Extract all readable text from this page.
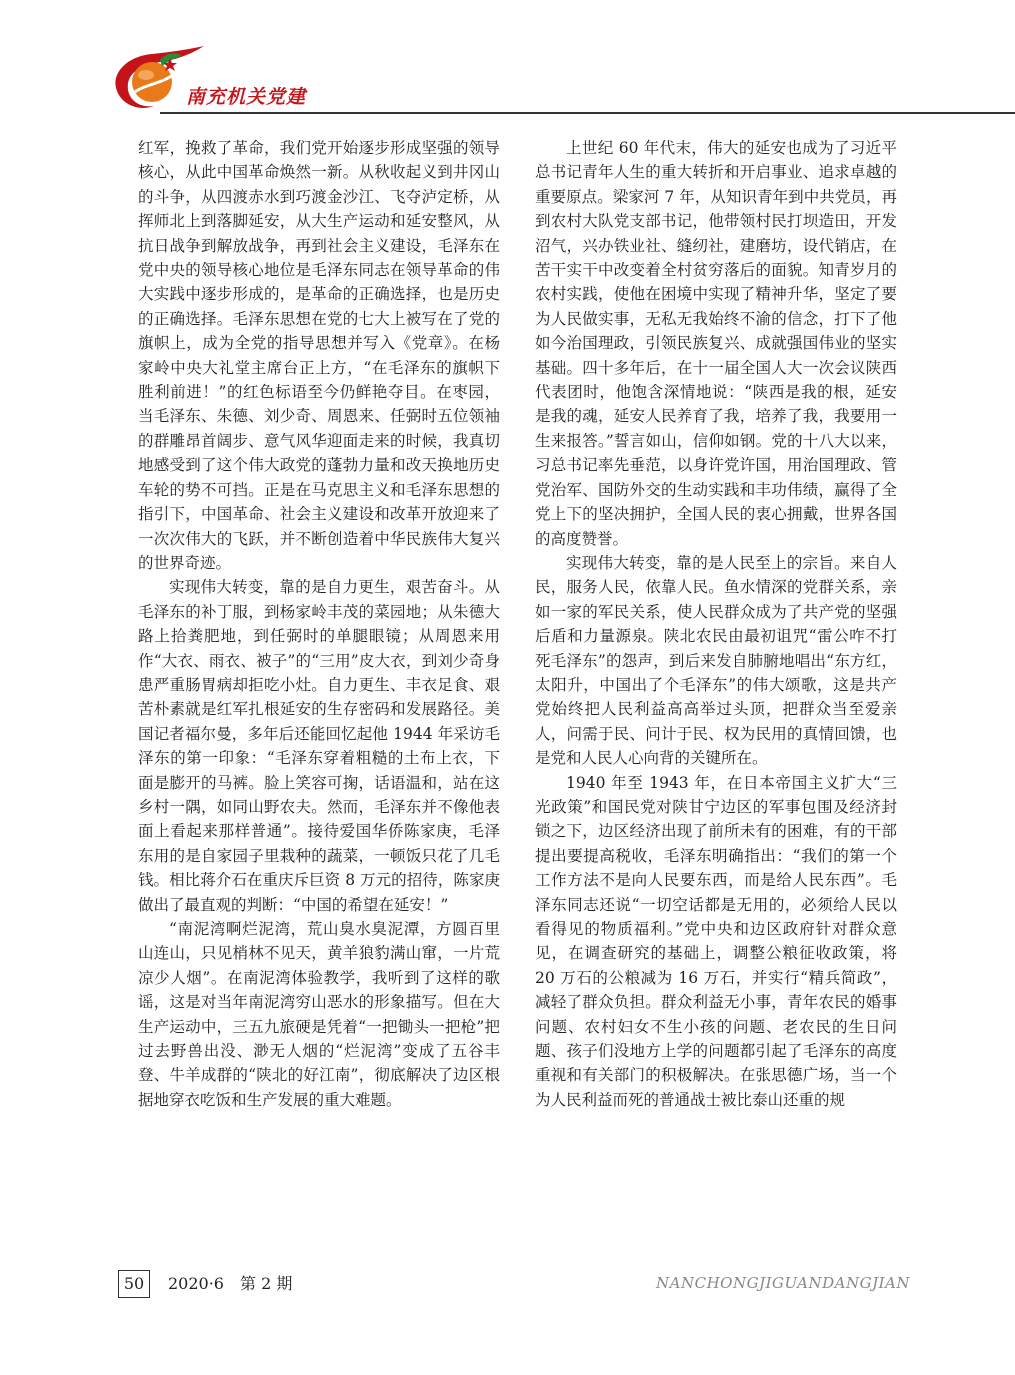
南充机关党建

红军，挽救了革命，我们党开始逐步形成坚强的领导核心，从此中国革命焕然一新。从秋收起义到井冈山的斗争，从四渡赤水到巧渡金沙江、飞夺泸定桥，从挥师北上到落脚延安，从大生产运动和延安整风，从抗日战争到解放战争，再到社会主义建设，毛泽东在党中央的领导核心地位是毛泽东同志在领导革命的伟大实践中逐步形成的，是革命的正确选择，也是历史的正确选择。毛泽东思想在党的七大上被写在了党的旗帜上，成为全党的指导思想并写入《党章》。在杨家岭中央大礼堂主席台正上方，“在毛泽东的旗帜下胜利前进！”的红色标语至今仍鲜艳夺目。在枣园，当毛泽东、朱德、刘少奇、周恩来、任弼时五位领袖的群雕昂首阔步、意气风华迎面走来的时候，我真切地感受到了这个伟大政党的蓬勃力量和改天换地历史车轮的势不可挡。正是在马克思主义和毛泽东思想的指引下，中国革命、社会主义建设和改革开放迎来了一次次伟大的飞跃，并不断创造着中华民族伟大复兴的世界奇迹。

实现伟大转变，靠的是自力更生，艰苦奋斗。从毛泽东的补丁服，到杨家岭丰茂的菜园地；从朱德大路上拾粪肥地，到任弼时的单腿眼镜；从周恩来用作“大衣、雨衣、被子”的“三用”皮大衣，到刘少奇身患严重肠胃病却拒吃小灶。自力更生、丰衣足食、艰苦朴素就是红军扎根延安的生存密码和发展路径。美国记者福尔曼，多年后还能回忆起他 1944 年采访毛泽东的第一印象：“毛泽东穿着粗糙的土布上衣，下面是膨开的马裤。脸上笑容可掬，话语温和，站在这乡村一隅，如同山野农夫。然而，毛泽东并不像他表面上看起来那样普通”。接待爱国华侨陈家庚，毛泽东用的是自家园子里栽种的蔬菜，一顿饭只花了几毛钱。相比蒋介石在重庆斥巨资 8 万元的招待，陈家庚做出了最直观的判断：“中国的希望在延安！”

“南泥湾啊烂泥湾，荒山臭水臭泥潭，方圆百里山连山，只见梢林不见天，黄羊狼豹满山窜，一片荒凉少人烟”。在南泥湾体验教学，我听到了这样的歌谣，这是对当年南泥湾穷山恶水的形象描写。但在大生产运动中，三五九旅硬是凭着“一把锄头一把枪”把过去野兽出没、渺无人烟的“烂泥湾”变成了五谷丰登、牛羊成群的“陕北的好江南”，彻底解决了边区根据地穿衣吃饭和生产发展的重大难题。

上世纪 60 年代末，伟大的延安也成为了习近平总书记青年人生的重大转折和开启事业、追求卓越的重要原点。梁家河 7 年，从知识青年到中共党员，再到农村大队党支部书记，他带领村民打坝造田，开发沼气，兴办铁业社、缝纫社，建磨坊，设代销店，在苦干实干中改变着全村贫穷落后的面貌。知青岁月的农村实践，使他在困境中实现了精神升华，坚定了要为人民做实事，无私无我始终不渝的信念，打下了他如今治国理政，引领民族复兴、成就强国伟业的坚实基础。四十多年后，在十一届全国人大一次会议陕西代表团时，他饱含深情地说：“陕西是我的根，延安是我的魂，延安人民养育了我，培养了我，我要用一生来报答。”誓言如山，信仰如钢。党的十八大以来，习总书记率先垂范，以身许党许国，用治国理政、管党治军、国防外交的生动实践和丰功伟绩，赢得了全党上下的坚决拥护，全国人民的衷心拥戴，世界各国的高度赞誉。

实现伟大转变，靠的是人民至上的宗旨。来自人民，服务人民，依靠人民。鱼水情深的党群关系，亲如一家的军民关系，使人民群众成为了共产党的坚强后盾和力量源泉。陕北农民由最初诅咒“雷公咋不打死毛泽东”的怨声，到后来发自肺腑地唱出“东方红，太阳升，中国出了个毛泽东”的伟大颂歌，这是共产党始终把人民利益高高举过头顶，把群众当至爱亲人，问需于民、问计于民、权为民用的真情回馈，也是党和人民人心向背的关键所在。

1940 年至 1943 年，在日本帝国主义扩大“三光政策”和国民党对陕甘宁边区的军事包围及经济封锁之下，边区经济出现了前所未有的困难，有的干部提出要提高税收，毛泽东明确指出：“我们的第一个工作方法不是向人民要东西，而是给人民东西”。毛泽东同志还说“一切空话都是无用的，必须给人民以看得见的物质福利。”党中央和边区政府针对群众意见，在调查研究的基础上，调整公粮征收政策，将 20 万石的公粮减为 16 万石，并实行“精兵简政”，减轻了群众负担。群众利益无小事，青年农民的婚事问题、农村妇女不生小孩的问题、老农民的生日问题、孩子们没地方上学的问题都引起了毛泽东的高度重视和有关部门的积极解决。在张思德广场，当一个为人民利益而死的普通战士被比泰山还重的规

50	2020·6　第 2 期	NANCHONGJIGUANDANGJIAN
